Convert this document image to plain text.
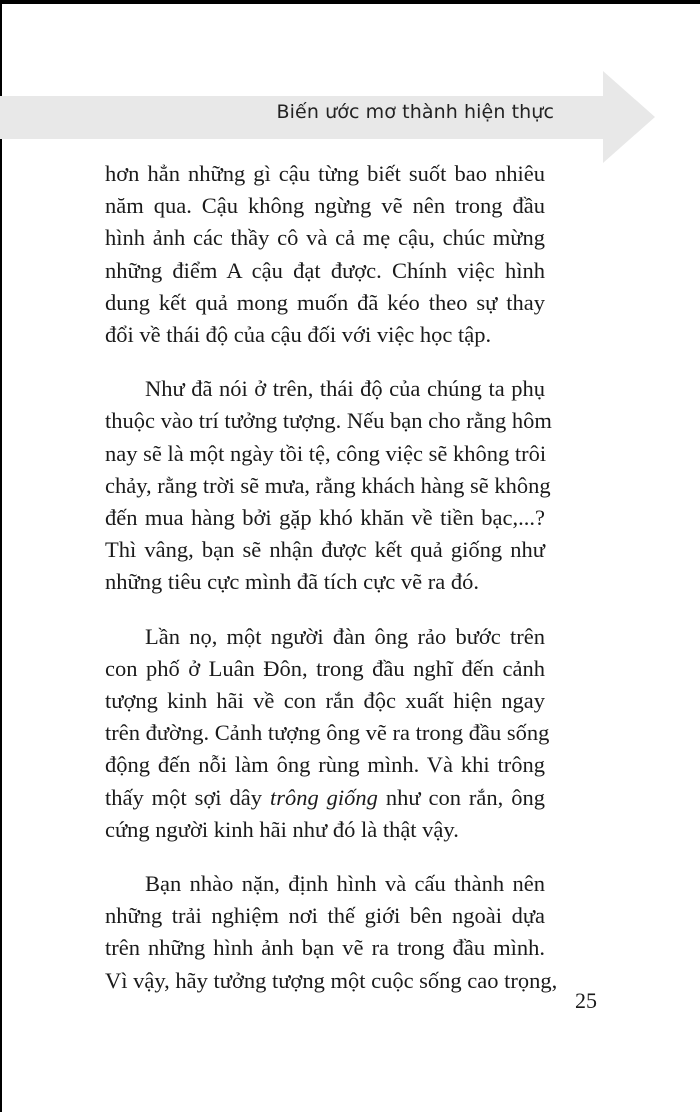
Biến ước mơ thành hiện thực

hơn hẳn những gì cậu từng biết suốt bao nhiêu
năm qua. Cậu không ngừng vẽ nên trong đầu
hình ảnh các thầy cô và cả mẹ cậu, chúc mừng
những điểm A cậu đạt được. Chính việc hình
dung kết quả mong muốn đã kéo theo sự thay
đổi về thái độ của cậu đối với việc học tập.

Như đã nói ở trên, thái độ của chúng ta phụ
thuộc vào trí tưởng tượng. Nếu bạn cho rằng hôm
nay sẽ là một ngày tồi tệ, công việc sẽ không trôi
chảy, rằng trời sẽ mưa, rằng khách hàng sẽ không
đến mua hàng bởi gặp khó khăn về tiền bạc,...?
Thì vâng, bạn sẽ nhận được kết quả giống như
những tiêu cực mình đã tích cực vẽ ra đó.

Lần nọ, một người đàn ông rảo bước trên
con phố ở Luân Đôn, trong đầu nghĩ đến cảnh
tượng kinh hãi về con rắn độc xuất hiện ngay
trên đường. Cảnh tượng ông vẽ ra trong đầu sống
động đến nỗi làm ông rùng mình. Và khi trông
thấy một sợi dây trông giống như con rắn, ông
cứng người kinh hãi như đó là thật vậy.

Bạn nhào nặn, định hình và cấu thành nên
những trải nghiệm nơi thế giới bên ngoài dựa
trên những hình ảnh bạn vẽ ra trong đầu mình.
Vì vậy, hãy tưởng tượng một cuộc sống cao trọng,

25
